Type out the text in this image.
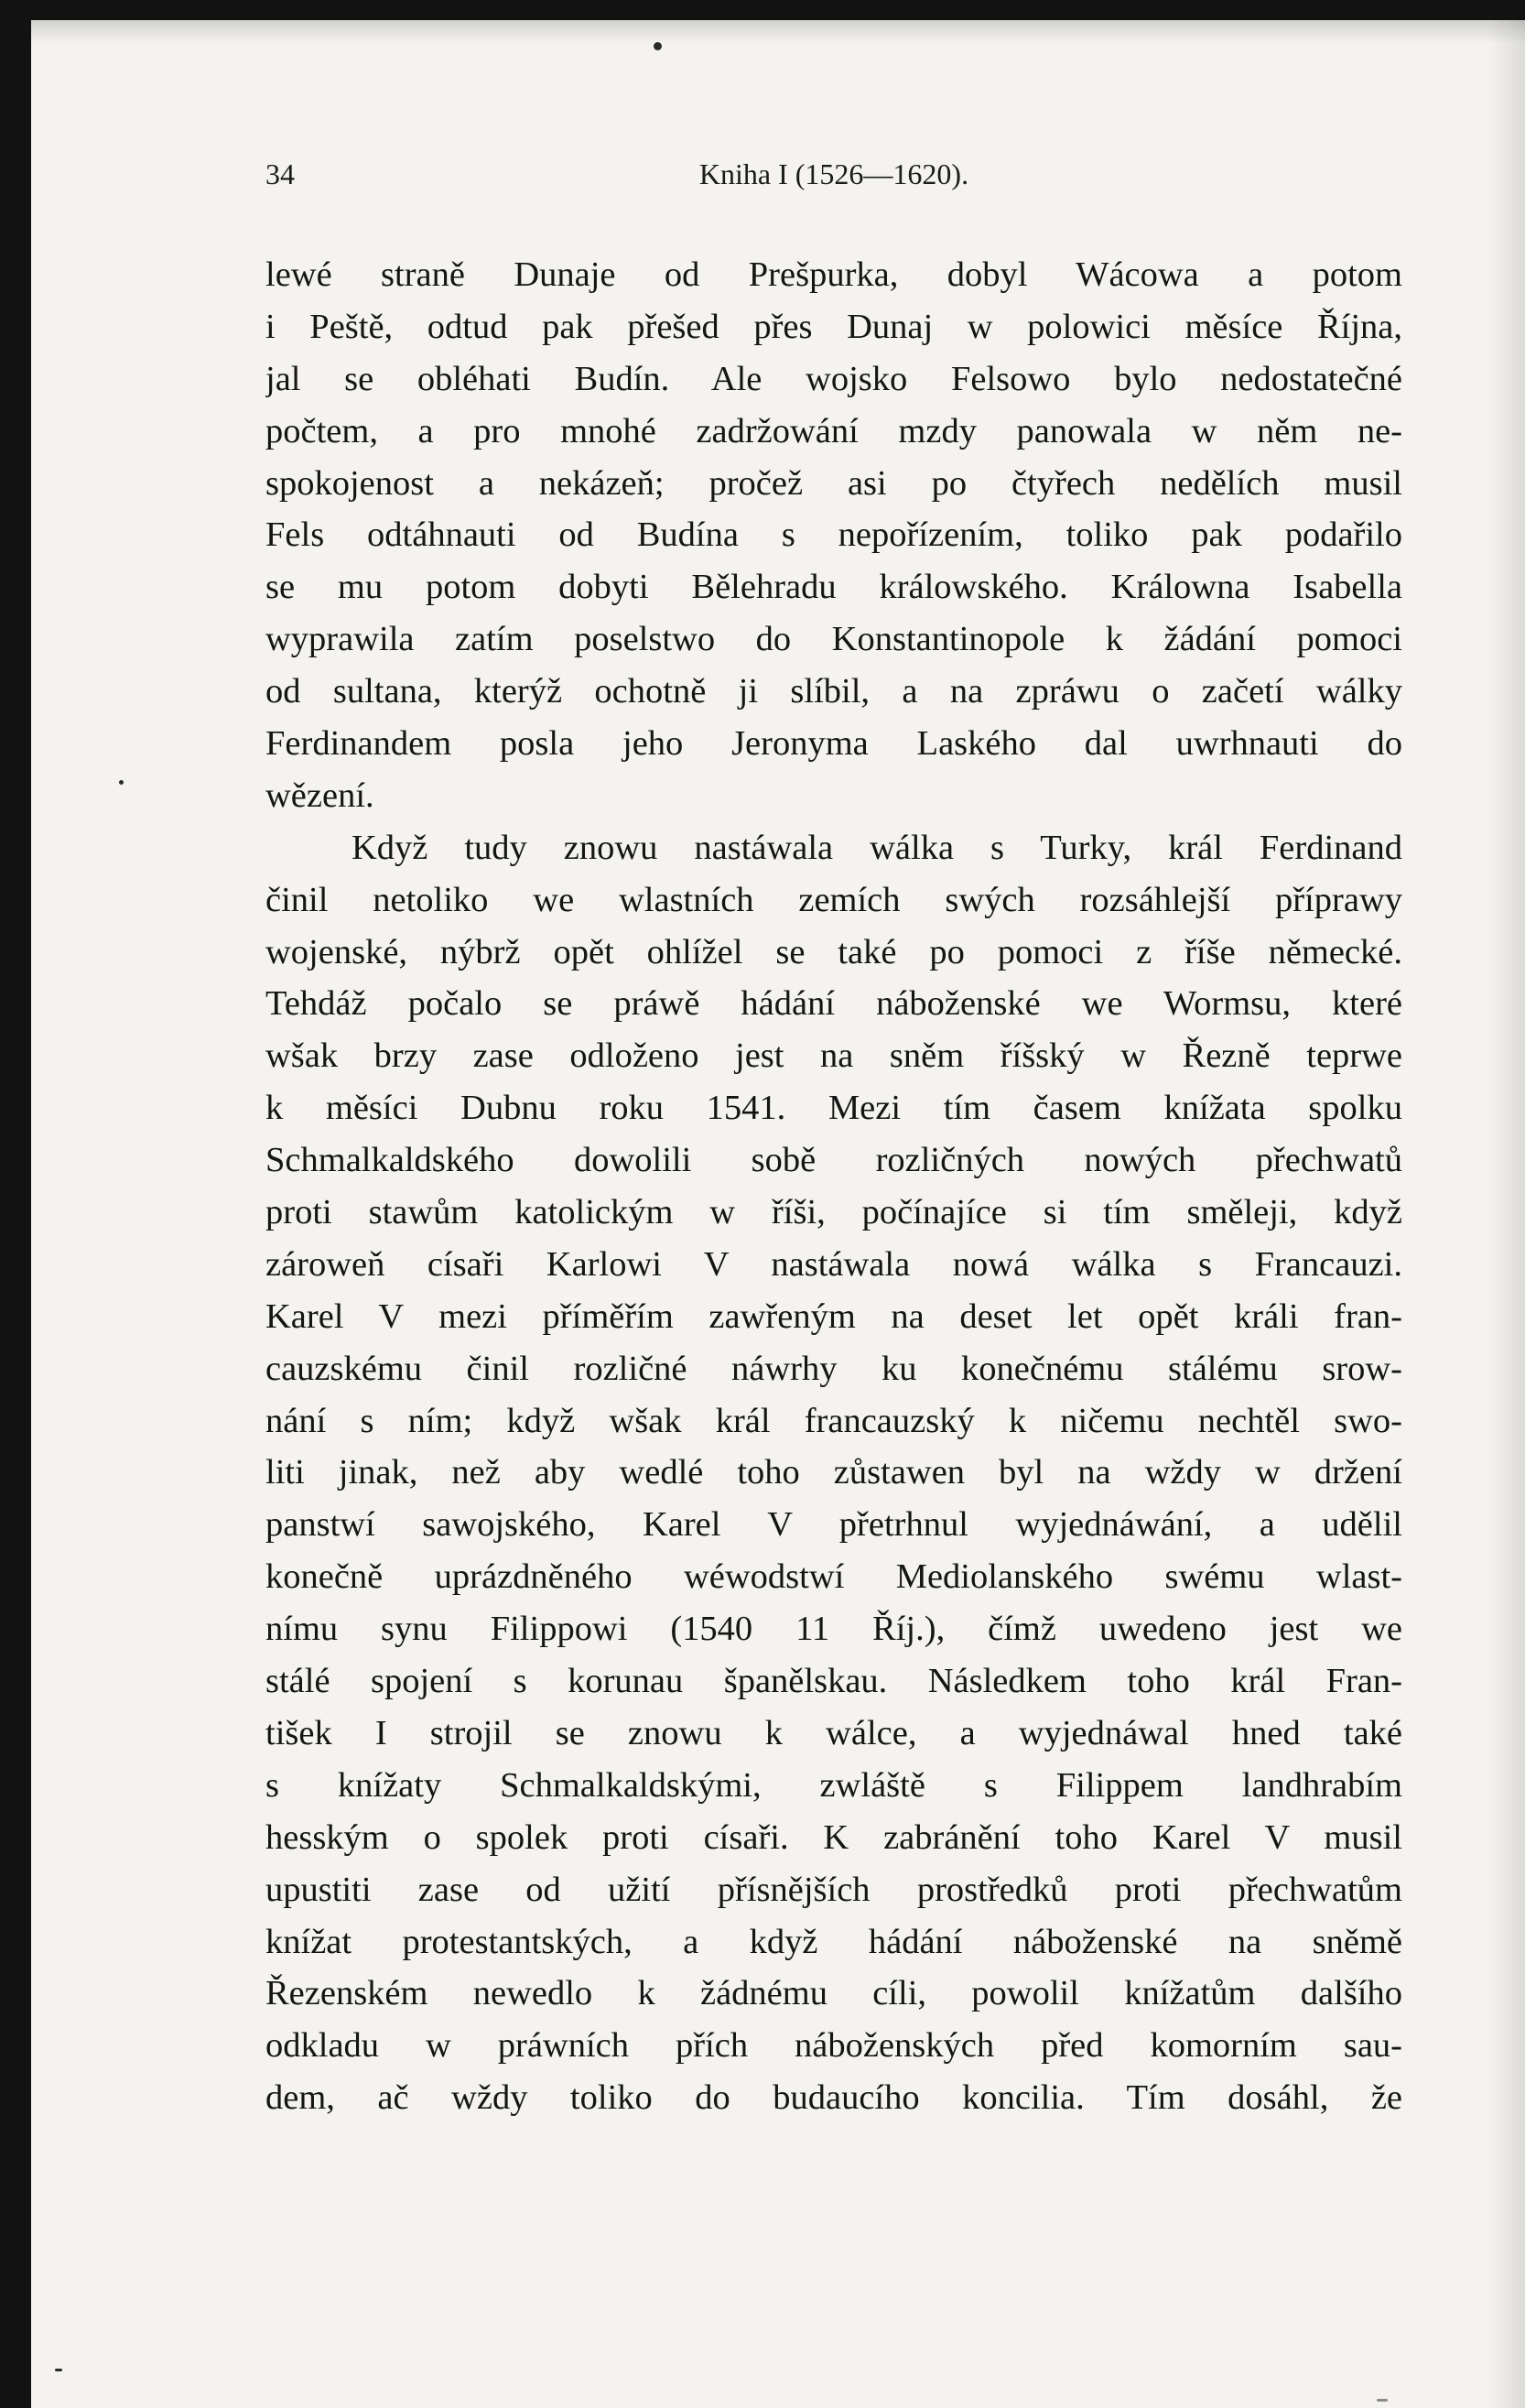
34	Kniha I (1526—1620).
lewé straně Dunaje od Prešpurka, dobyl Wácowa a potom
i Peště, odtud pak přešed přes Dunaj w polowici měsíce Října,
jal se obléhati Budín. Ale wojsko Felsowo bylo nedostatečné
počtem, a pro mnohé zadržowání mzdy panowala w něm ne-
spokojenost a nekázeň; pročež asi po čtyřech nedělích musil
Fels odtáhnauti od Budína s nepořízením, toliko pak podařilo
se mu potom dobyti Bělehradu králowského. Králowna Isabella
wyprawila zatím poselstwo do Konstantinopole k žádání pomoci
od sultana, kterýž ochotně ji slíbil, a na zpráwu o začetí wálky
Ferdinandem posla jeho Jeronyma Laského dal uwrhnauti do
wězení.
Když tudy znowu nastáwala wálka s Turky, král Ferdinand
činil netoliko we wlastních zemích swých rozsáhlejší příprawy
wojenské, nýbrž opět ohlížel se také po pomoci z říše německé.
Tehdáž počalo se práwě hádání náboženské we Wormsu, které
wšak brzy zase odloženo jest na sněm říšský w Řezně teprwe
k měsíci Dubnu roku 1541. Mezi tím časem knížata spolku
Schmalkaldského dowolili sobě rozličných nowých přechwatů
proti stawům katolickým w říši, počínajíce si tím směleji, když
zároweň císaři Karlowi V nastáwala nowá wálka s Francauzi.
Karel V mezi příměřím zawřeným na deset let opět králi fran-
cauzskému činil rozličné náwrhy ku konečnému stálému srow-
nání s ním; když wšak král francauzský k ničemu nechtěl swo-
liti jinak, než aby wedlé toho zůstawen byl na wždy w držení
panstwí sawojského, Karel V přetrhnul wyjednáwání, a udělil
konečně uprázdněného wéwodstwí Mediolanského swému wlast-
nímu synu Filippowi (1540 11 Říj.), čímž uwedeno jest we
stálé spojení s korunau španělskau. Následkem toho král Fran-
tišek I strojil se znowu k wálce, a wyjednáwal hned také
s knížaty Schmalkaldskými, zwláště s Filippem landhrabím
hesským o spolek proti císaři. K zabránění toho Karel V musil
upustiti zase od užití přísnějších prostředků proti přechwatům
knížat protestantských, a když hádání náboženské na sněmě
Řezenském newedlo k žádnému cíli, powolil knížatům dalšího
odkladu w práwních přích náboženských před komorním sau-
dem, ač wždy toliko do budaucího koncilia. Tím dosáhl, že
